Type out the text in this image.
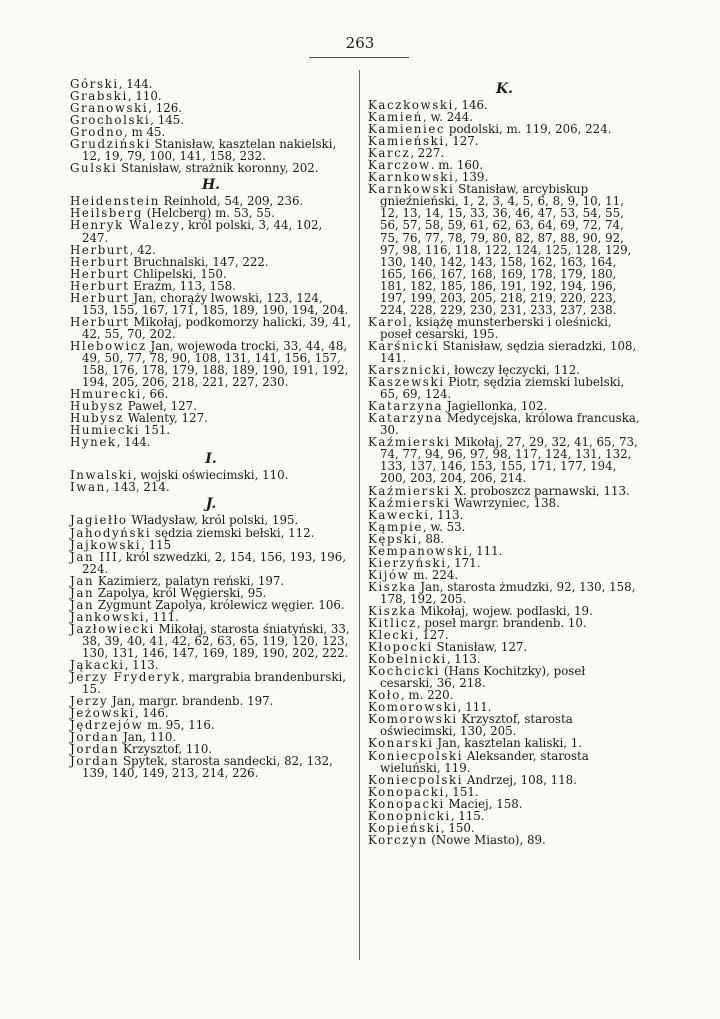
263
Górski, 144.
Grabski, 110.
Granowski, 126.
Grocholski, 145.
Grodno, m 45.
Grudziński Stanisław, kasztelan nakielski, 12, 19, 79, 100, 141, 158, 232.
Gulski Stanisław, strażnik koronny, 202.
H.
Heidenstein Reinhold, 54, 209, 236.
Heilsberg (Helcberg) m. 53, 55.
Henryk Walezy, król polski, 3, 44, 102, 247.
Herburt, 42.
Herburt Bruchnalski, 147, 222.
Herburt Chlipelski, 150.
Herburt Erazm, 113, 158.
Herburt Jan, chorąży lwowski, 123, 124, 153, 155, 167, 171, 185, 189, 190, 194, 204.
Herburt Mikołaj, podkomorzy halicki, 39, 41, 42, 55, 70, 202.
Hlebowicz Jan, wojewoda trocki, 33, 44, 48, 49, 50, 77, 78, 90, 108, 131, 141, 156, 157, 158, 176, 178, 179, 188, 189, 190, 191, 192, 194, 205, 206, 218, 221, 227, 230.
Hmurecki, 66.
Hubysz Paweł, 127.
Hubysz Walenty, 127.
Humiecki 151.
Hynek, 144.
I.
Inwalski, wojski oświecimski, 110.
Iwan, 143, 214.
J.
Jagiełło Władysław, król polski, 195.
Jahodyński sędzia ziemski bełski, 112.
Jajkowski, 115
Jan III, król szwedzki, 2, 154, 156, 193, 196, 224.
Jan Kazimierz, palatyn reński, 197.
Jan Zapolya, król Węgierski, 95.
Jan Zygmunt Zapolya, królewicz węgier. 106.
Jankowski, 111.
Jazłowiecki Mikołaj, starosta śniatyński, 33, 38, 39, 40, 41, 42, 62, 63, 65, 119, 120, 123, 130, 131, 146, 147, 169, 189, 190, 202, 222.
Jąkacki, 113.
Jerzy Fryderyk, margrabia brandenburski, 15.
Jerzy Jan, margr. brandenb. 197.
Jeżowski, 146.
Jędrzejów m. 95, 116.
Jordan Jan, 110.
Jordan Krzysztof, 110.
Jordan Spytek, starosta sandecki, 82, 132, 139, 140, 149, 213, 214, 226.
K.
Kaczkowski, 146.
Kamień, w. 244.
Kamieniec podolski, m. 119, 206, 224.
Kamieński, 127.
Karcz, 227.
Karczow. m. 160.
Karnkowski, 139.
Karnkowski Stanisław, arcybiskup gnieźnieński, 1, 2, 3, 4, 5, 6, 8, 9, 10, 11, 12, 13, 14, 15, 33, 36, 46, 47, 53, 54, 55, 56, 57, 58, 59, 61, 62, 63, 64, 69, 72, 74, 75, 76, 77, 78, 79, 80, 82, 87, 88, 90, 92, 97, 98, 116, 118, 122, 124, 125, 128, 129, 130, 140, 142, 143, 158, 162, 163, 164, 165, 166, 167, 168, 169, 178, 179, 180, 181, 182, 185, 186, 191, 192, 194, 196, 197, 199, 203, 205, 218, 219, 220, 223, 224, 228, 229, 230, 231, 233, 237, 238.
Karol, książę munsterberski i oleśnicki, poseł cesarski, 195.
Karśnicki Stanisław, sędzia sieradzki, 108, 141.
Karsznicki, łowczy łęczycki, 112.
Kaszewski Piotr, sędzia ziemski lubelski, 65, 69, 124.
Katarzyna Jagiellonka, 102.
Katarzyna Medycejska, królowa francuska, 30.
Kaźmierski Mikołaj, 27, 29, 32, 41, 65, 73, 74, 77, 94, 96, 97, 98, 117, 124, 131, 132, 133, 137, 146, 153, 155, 171, 177, 194, 200, 203, 204, 206, 214.
Kaźmierski X. proboszcz parnawski, 113.
Kaźmierski Wawrzyniec, 138.
Kawecki, 113.
Kąmpie, w. 53.
Kępski, 88.
Kempanowski, 111.
Kierzyński, 171.
Kijów m. 224.
Kiszka Jan, starosta żmudzki, 92, 130, 158, 178, 192, 205.
Kiszka Mikołaj, wojew. podlaski, 19.
Kitlicz, poseł margr. brandenb. 10.
Klecki, 127.
Kłopocki Stanisław, 127.
Kobelnicki, 113.
Kochcicki (Hans Kochitzky), poseł cesarski, 36, 218.
Koło, m. 220.
Komorowski, 111.
Komorowski Krzysztof, starosta oświecimski, 130, 205.
Konarski Jan, kasztelan kaliski, 1.
Koniecpolski Aleksander, starosta wieluński, 119.
Koniecpolski Andrzej, 108, 118.
Konopacki, 151.
Konopacki Maciej, 158.
Konopnicki, 115.
Kopieński, 150.
Korczyn (Nowe Miasto), 89.
